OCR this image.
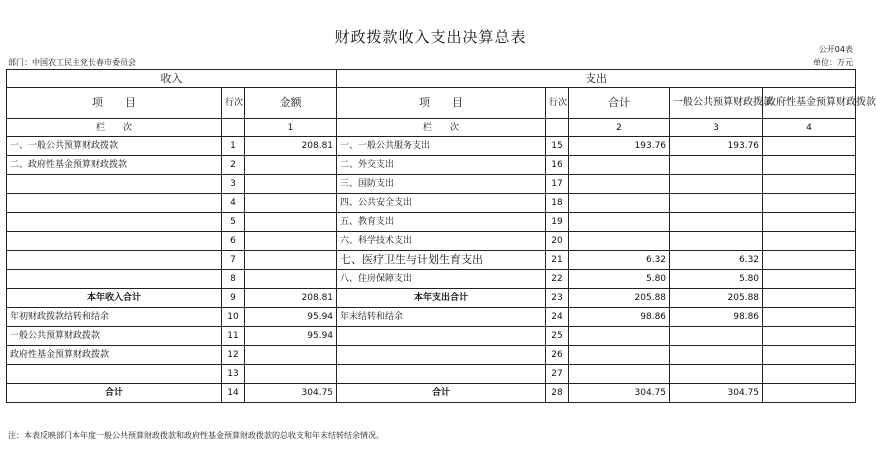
财政拨款收入支出决算总表
公开04表
部门：中国农工民主党长春市委员会	单位：万元
收入			支出				
项　　目	行次	金额	项　　目	行次	合计	一般公共预算财政拨款	政府性基金预算财政拨款
栏　　次		1	栏　　次		2	3	4
一、一般公共预算财政拨款	1	208.81	一、一般公共服务支出	15	193.76	193.76	
二、政府性基金预算财政拨款	2		二、外交支出	16			
	3		三、国防支出	17			
	4		四、公共安全支出	18			
	5		五、教育支出	19			
	6		六、科学技术支出	20			
	7		七、医疗卫生与计划生育支出	21	6.32	6.32	
	8		八、住房保障支出	22	5.80	5.80	
本年收入合计	9	208.81	本年支出合计	23	205.88	205.88	
年初财政拨款结转和结余	10	95.94	年末结转和结余	24	98.86	98.86	
一般公共预算财政拨款	11	95.94		25			
政府性基金预算财政拨款	12			26			
	13			27			
合计	14	304.75	合计	28	304.75	304.75	
注：本表反映部门本年度一般公共预算财政拨款和政府性基金预算财政拨款的总收支和年末结转结余情况。
